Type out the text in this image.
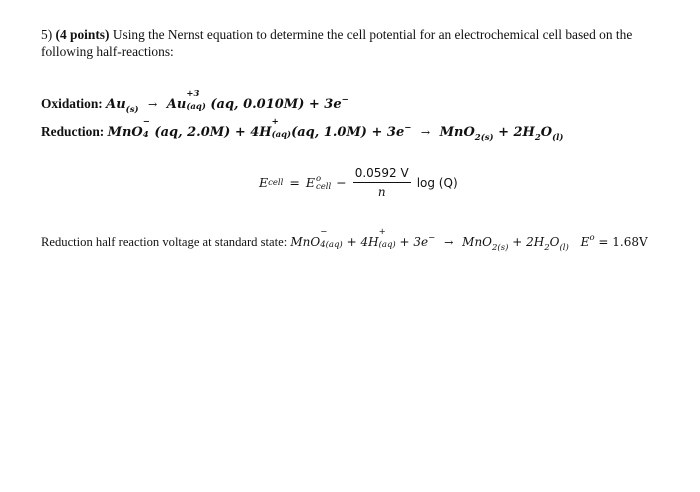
5) (4 points) Using the Nernst equation to determine the cell potential for an electrochemical cell based on the following half-reactions:
Oxidation: $Au_{(s)} \to Au$
+3
(aq) (aq, 0.010M) + 3e−
Reduction: MnO
−
4 (aq, 2.0M) + 4H
+
(aq) (aq, $1.0M) + 3e^- \to MnO_{2(s)} + 2H_2O_{(l)}$
E cell = E o
cell − $\frac{0.0592 V}{n}$ log (Q)
Reduction half reaction voltage at standard state: MnO
−
4(aq) + 4H
+
$(aq) + 3e^- \to MnO_{2(s)} + 2H_2O_{(l)}$ $E^o = 1.68V$
